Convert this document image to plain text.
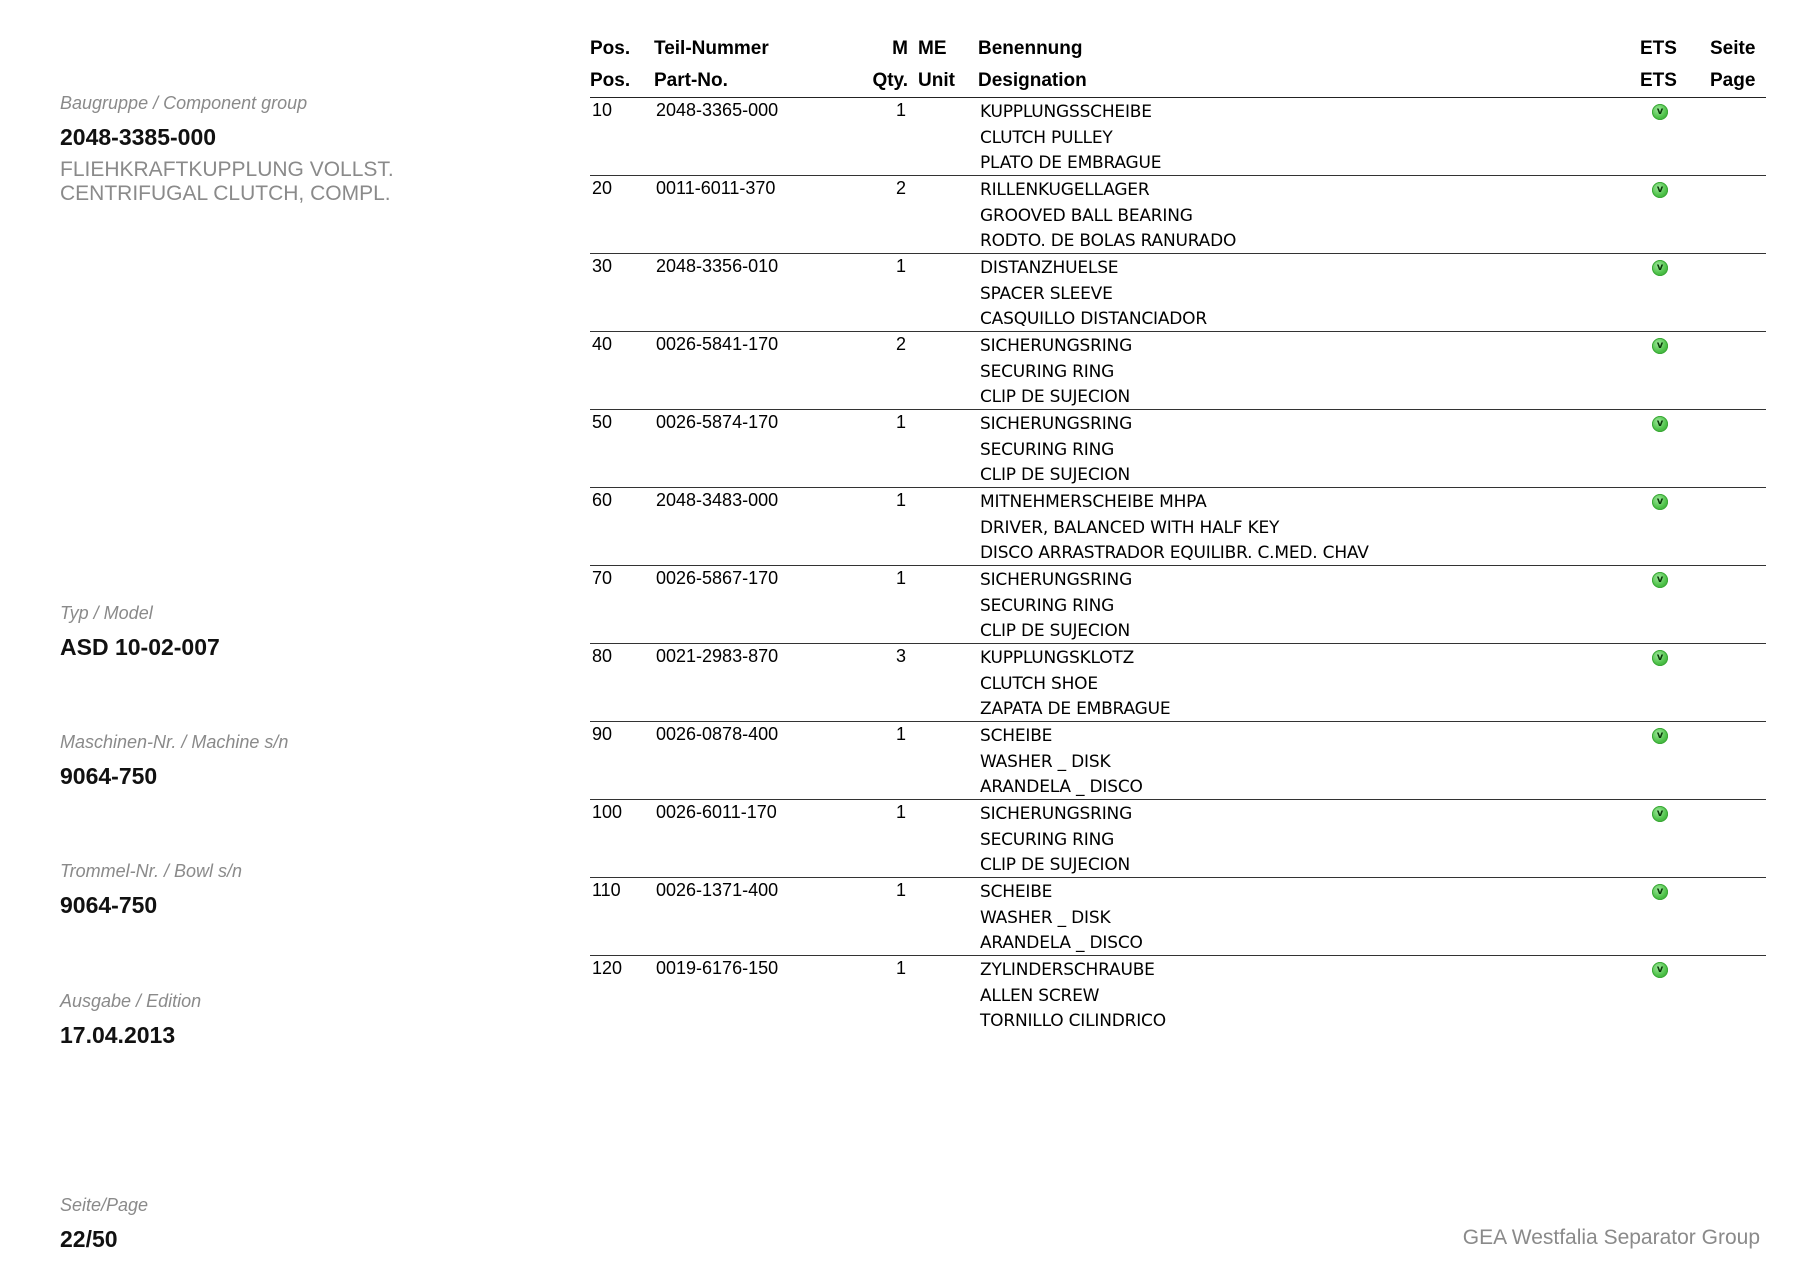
Baugruppe / Component group
2048-3385-000
FLIEHKRAFTKUPPLUNG VOLLST.
CENTRIFUGAL CLUTCH, COMPL.
Typ / Model
ASD 10-02-007
Maschinen-Nr. / Machine s/n
9064-750
Trommel-Nr. / Bowl s/n
9064-750
Ausgabe / Edition
17.04.2013
Seite/Page
22/50	GEA Westfalia Separator Group
Pos. Teil-Nummer	M ME Benennung	ETS Seite
Pos. Part-No.	Qty. Unit Designation	ETS Page
10 2048-3365-000	1	KUPPLUNGSSCHEIBE
CLUTCH PULLEY
PLATO DE EMBRAGUE
v
20 0011-6011-370	2	RILLENKUGELLAGER
GROOVED BALL BEARING
RODTO. DE BOLAS RANURADO
v
30 2048-3356-010	1	DISTANZHUELSE
SPACER SLEEVE
CASQUILLO DISTANCIADOR
v
40 0026-5841-170	2	SICHERUNGSRING
SECURING RING
CLIP DE SUJECION
v
50 0026-5874-170	1	SICHERUNGSRING
SECURING RING
CLIP DE SUJECION
v
60 2048-3483-000	1	MITNEHMERSCHEIBE MHPA
DRIVER, BALANCED WITH HALF KEY
DISCO ARRASTRADOR EQUILIBR. C.MED. CHAV
v
70 0026-5867-170	1	SICHERUNGSRING
SECURING RING
CLIP DE SUJECION
v
80 0021-2983-870	3	KUPPLUNGSKLOTZ
CLUTCH SHOE
ZAPATA DE EMBRAGUE
v
90 0026-0878-400	1	SCHEIBE
WASHER _ DISK
ARANDELA _ DISCO
v
100 0026-6011-170	1	SICHERUNGSRING
SECURING RING
CLIP DE SUJECION
v
110 0026-1371-400	1	SCHEIBE
WASHER _ DISK
ARANDELA _ DISCO
v
120 0019-6176-150	1	ZYLINDERSCHRAUBE
ALLEN SCREW
TORNILLO CILINDRICO
v
